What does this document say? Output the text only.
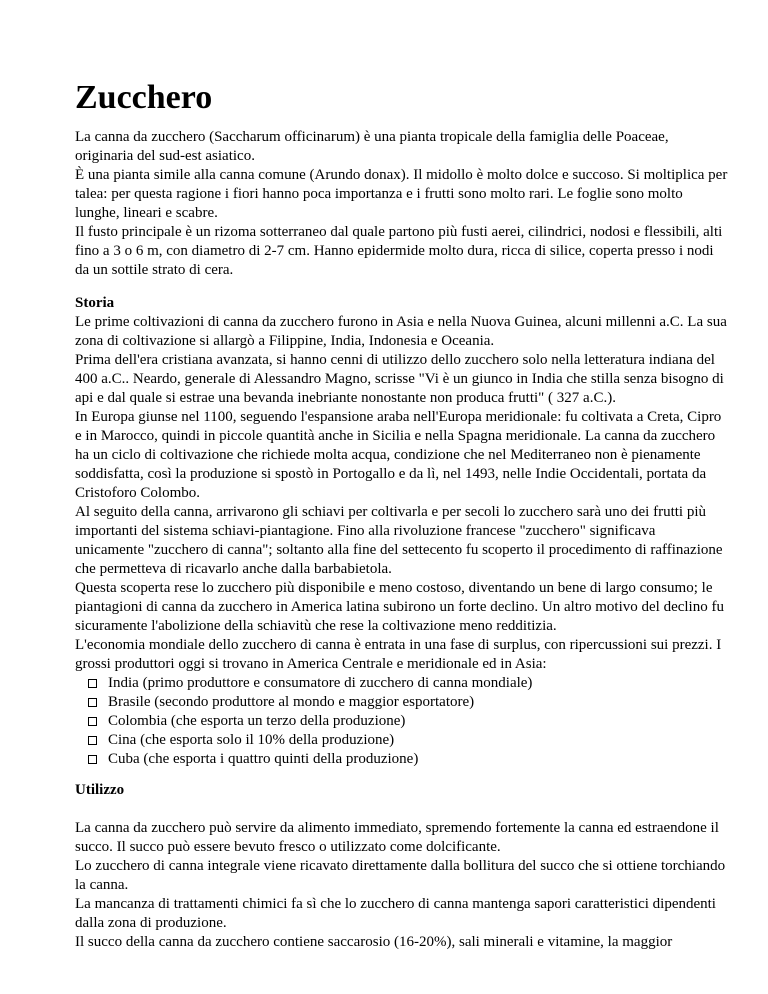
Zucchero

La canna da zucchero (Saccharum officinarum) è una pianta tropicale della famiglia delle Poaceae, originaria del sud-est asiatico.

È una pianta simile alla canna comune (Arundo donax). Il midollo è molto dolce e succoso. Si moltiplica per talea: per questa ragione i fiori hanno poca importanza e i frutti sono molto rari. Le foglie sono molto lunghe, lineari e scabre.

Il fusto principale è un rizoma sotterraneo dal quale partono più fusti aerei, cilindrici, nodosi e flessibili, alti fino a 3 o 6 m, con diametro di 2-7 cm. Hanno epidermide molto dura, ricca di silice, coperta presso i nodi da un sottile strato di cera.

Storia

Le prime coltivazioni di canna da zucchero furono in Asia e nella Nuova Guinea, alcuni millenni a.C. La sua zona di coltivazione si allargò a Filippine, India, Indonesia e Oceania.

Prima dell'era cristiana avanzata, si hanno cenni di utilizzo dello zucchero solo nella letteratura indiana del 400 a.C.. Neardo, generale di Alessandro Magno, scrisse "Vi è un giunco in India che stilla senza bisogno di api e dal quale si estrae una bevanda inebriante nonostante non produca frutti" ( 327 a.C.).

In Europa giunse nel 1100, seguendo l'espansione araba nell'Europa meridionale: fu coltivata a Creta, Cipro e in Marocco, quindi in piccole quantità anche in Sicilia e nella Spagna meridionale. La canna da zucchero ha un ciclo di coltivazione che richiede molta acqua, condizione che nel Mediterraneo non è pienamente soddisfatta, così la produzione si spostò in Portogallo e da lì, nel 1493, nelle Indie Occidentali, portata da Cristoforo Colombo.

Al seguito della canna, arrivarono gli schiavi per coltivarla e per secoli lo zucchero sarà uno dei frutti più importanti del sistema schiavi-piantagione. Fino alla rivoluzione francese "zucchero" significava unicamente "zucchero di canna"; soltanto alla fine del settecento fu scoperto il procedimento di raffinazione che permetteva di ricavarlo anche dalla barbabietola.

Questa scoperta rese lo zucchero più disponibile e meno costoso, diventando un bene di largo consumo; le piantagioni di canna da zucchero in America latina subirono un forte declino. Un altro motivo del declino fu sicuramente l'abolizione della schiavitù che rese la coltivazione meno redditizia.

L'economia mondiale dello zucchero di canna è entrata in una fase di surplus, con ripercussioni sui prezzi. I grossi produttori oggi si trovano in America Centrale e meridionale ed in Asia:

India (primo produttore e consumatore di zucchero di canna mondiale)
Brasile (secondo produttore al mondo e maggior esportatore)
Colombia (che esporta un terzo della produzione)
Cina (che esporta solo il 10% della produzione)
Cuba (che esporta i quattro quinti della produzione)
Utilizzo

La canna da zucchero può servire da alimento immediato, spremendo fortemente la canna ed estraendone il succo. Il succo può essere bevuto fresco o utilizzato come dolcificante.

Lo zucchero di canna integrale viene ricavato direttamente dalla bollitura del succo che si ottiene torchiando la canna.

La mancanza di trattamenti chimici fa sì che lo zucchero di canna mantenga sapori caratteristici dipendenti dalla zona di produzione.

Il succo della canna da zucchero contiene saccarosio (16-20%), sali minerali e vitamine, la maggior
